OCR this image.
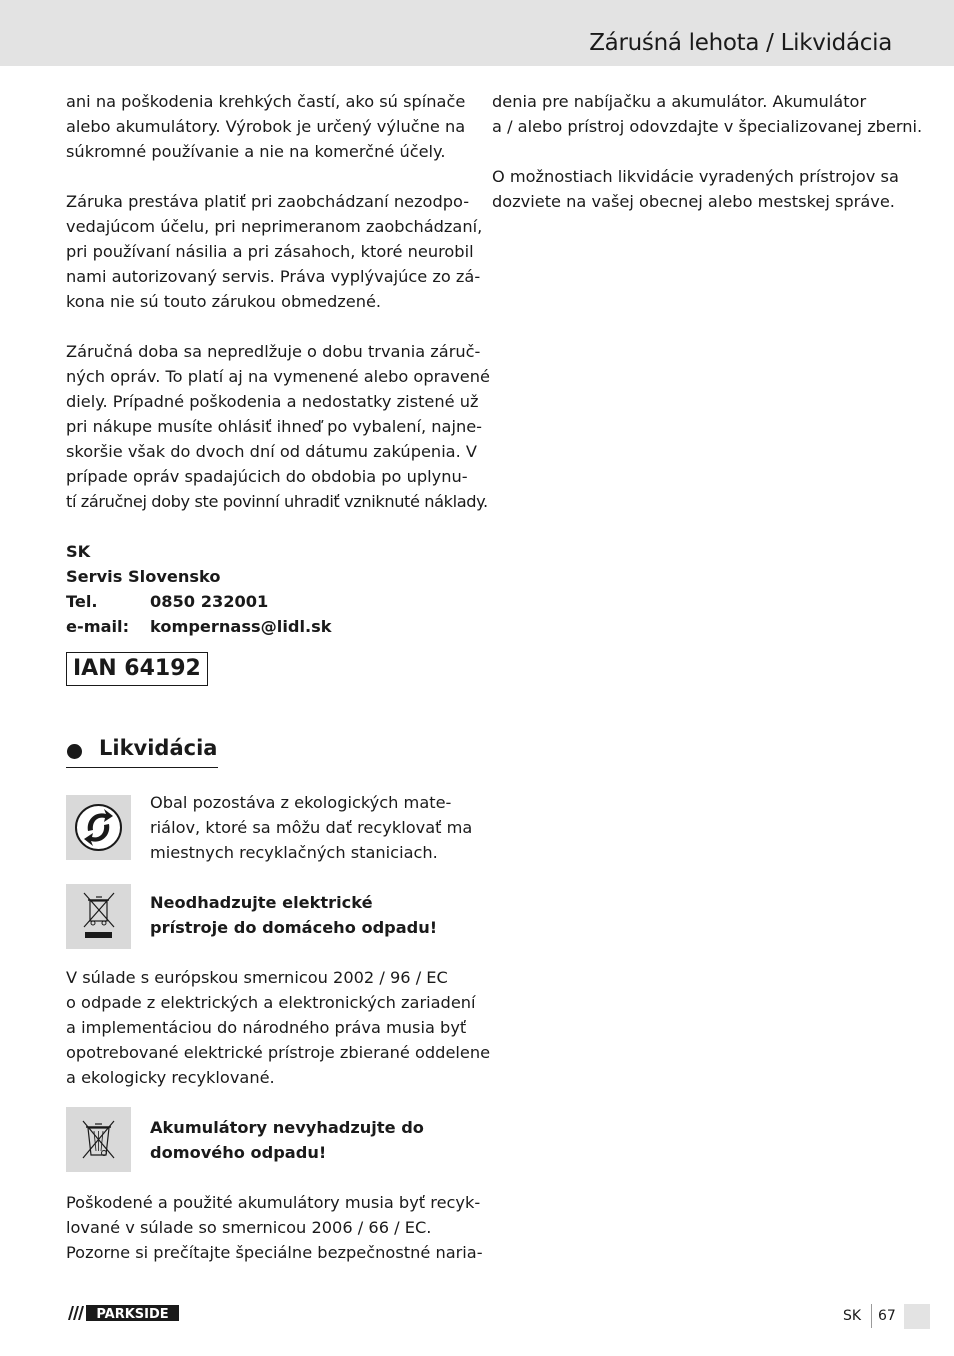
Záruśná lehota / Likvidácia

ani na poškodenia krehkých častí, ako sú spínače
alebo akumulátory. Výrobok je určený výlučne na
súkromné používanie a nie na komerčné účely.

Záruka prestáva platiť pri zaobchádzaní nezodpo-
vedajúcom účelu, pri neprimeranom zaobchádzaní,
pri používaní násilia a pri zásahoch, ktoré neurobil
nami autorizovaný servis. Práva vyplývajúce zo zá-
kona nie sú touto zárukou obmedzené.

Záručná doba sa nepredlžuje o dobu trvania záruč-
ných opráv. To platí aj na vymenené alebo opravené
diely. Prípadné poškodenia a nedostatky zistené už
pri nákupe musíte ohlásiť ihneď po vybalení, najne-
skoršie však do dvoch dní od dátumu zakúpenia. V
prípade opráv spadajúcich do obdobia po uplynu-
tí záručnej doby ste povinní uhradiť vzniknuté náklady.

SK
Servis Slovensko
Tel.	0850 232001
e-mail: kompernass@lidl.sk
IAN 64192
Likvidácia
Obal pozostáva z ekologických mate-
riálov, ktoré sa môžu dať recyklovať ma
miestnych recyklačných staniciach.
Neodhadzujte elektrické
prístroje do domáceho odpadu!
V súlade s európskou smernicou 2002 / 96 / EC
o odpade z elektrických a elektronických zariadení
a implementáciou do národného práva musia byť
opotrebované elektrické prístroje zbierané oddelene
a ekologicky recyklované.
Akumulátory nevyhadzujte do
domového odpadu!
Poškodené a použité akumulátory musia byť recyk-
lované v súlade so smernicou 2006 / 66 / EC.
Pozorne si prečítajte špeciálne bezpečnostné naria-

denia pre nabíjačku a akumulátor. Akumulátor
a / alebo prístroj odovzdajte v špecializovanej zberni.

O možnostiach likvidácie vyradených prístrojov sa
dozviete na vašej obecnej alebo mestskej správe.

PARKSIDE	SK 67
